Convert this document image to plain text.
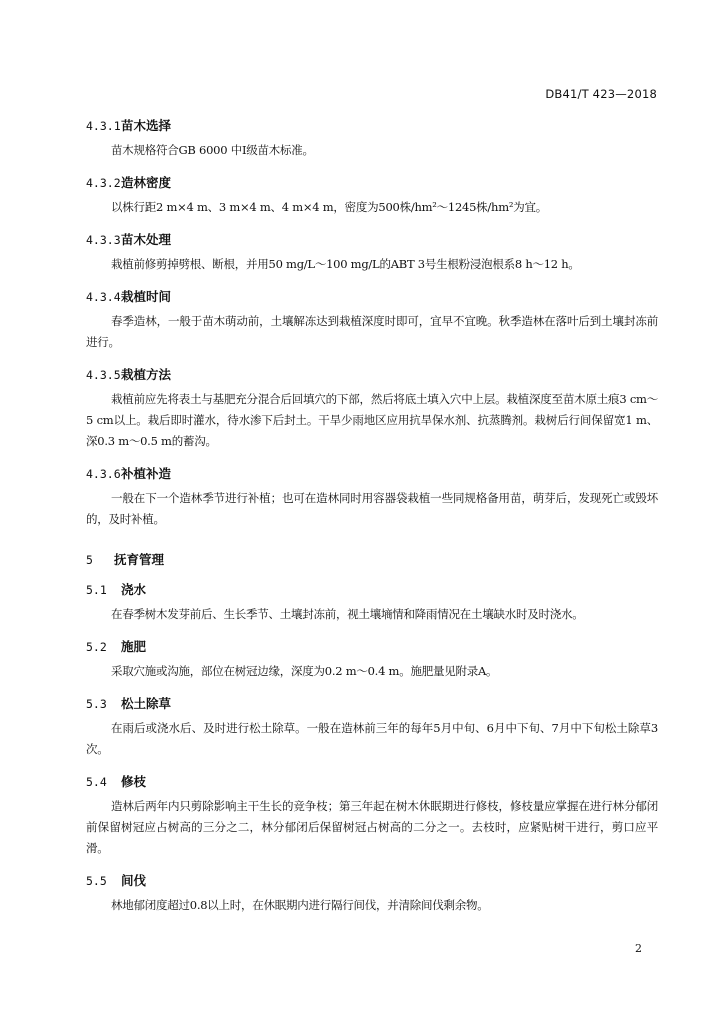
DB41/T 423—2018
4.3.1苗木选择

苗木规格符合GB 6000 中Ⅰ级苗木标准。

4.3.2造林密度

以株行距2 m×4 m、3 m×4 m、4 m×4 m，密度为500株/hm²～1245株/hm²为宜。

4.3.3苗木处理

栽植前修剪掉劈根、断根，并用50 mg/L～100 mg/L的ABT 3号生根粉浸泡根系8 h～12 h。

4.3.4栽植时间

春季造林，一般于苗木萌动前，土壤解冻达到栽植深度时即可，宜早不宜晚。秋季造林在落叶后到土壤封冻前进行。

4.3.5栽植方法

栽植前应先将表土与基肥充分混合后回填穴的下部，然后将底土填入穴中上层。栽植深度至苗木原土痕3 cm～5 cm以上。栽后即时灌水，待水渗下后封土。干旱少雨地区应用抗旱保水剂、抗蒸腾剂。栽树后行间保留宽1 m、深0.3 m～0.5 m的蓄沟。

4.3.6补植补造

一般在下一个造林季节进行补植；也可在造林同时用容器袋栽植一些同规格备用苗，萌芽后，发现死亡或毁坏的，及时补植。

5 抚育管理
5.1 浇水

在春季树木发芽前后、生长季节、土壤封冻前，视土壤墒情和降雨情况在土壤缺水时及时浇水。

5.2 施肥

采取穴施或沟施，部位在树冠边缘，深度为0.2 m～0.4 m。施肥量见附录A。

5.3 松土除草

在雨后或浇水后、及时进行松土除草。一般在造林前三年的每年5月中旬、6月中下旬、7月中下旬松土除草3次。

5.4 修枝

造林后两年内只剪除影响主干生长的竞争枝；第三年起在树木休眠期进行修枝，修枝量应掌握在进行林分郁闭前保留树冠应占树高的三分之二，林分郁闭后保留树冠占树高的二分之一。去枝时，应紧贴树干进行，剪口应平滑。

5.5 间伐

林地郁闭度超过0.8以上时，在休眠期内进行隔行间伐，并清除间伐剩余物。

2
